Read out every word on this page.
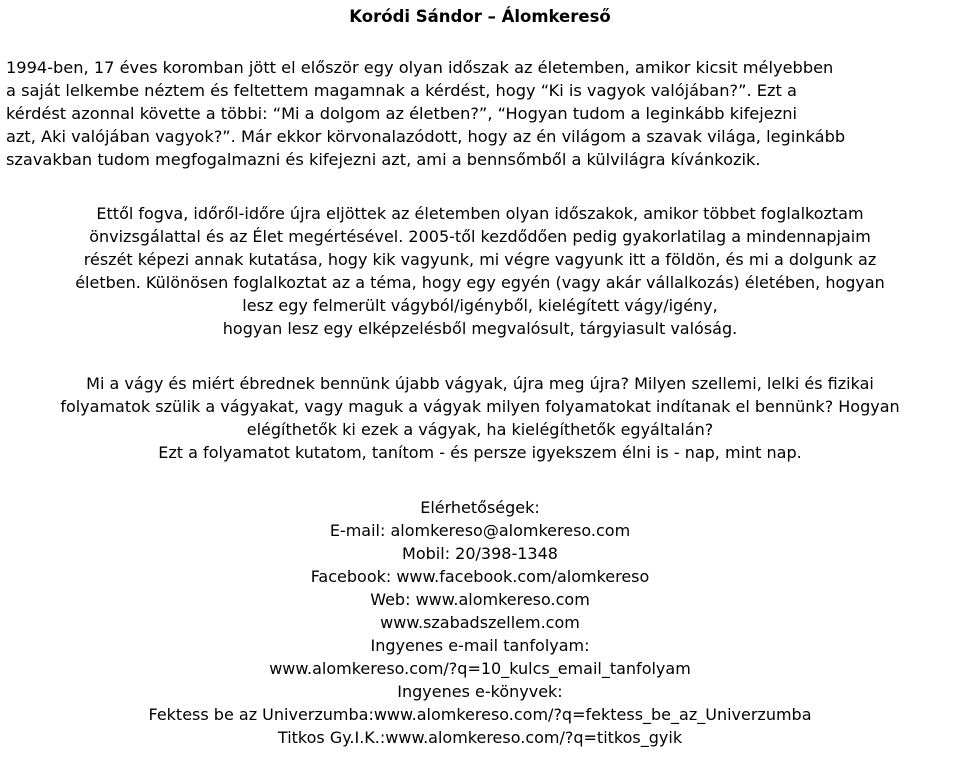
Koródi Sándor – Álomkereső
1994-ben, 17 éves koromban jött el először egy olyan időszak az életemben, amikor kicsit mélyebben
a saját lelkembe néztem és feltettem magamnak a kérdést, hogy “Ki is vagyok valójában?”. Ezt a
kérdést azonnal követte a többi: “Mi a dolgom az életben?”, “Hogyan tudom a leginkább kifejezni
azt, Aki valójában vagyok?”. Már ekkor körvonalazódott, hogy az én világom a szavak világa, leginkább
szavakban tudom megfogalmazni és kifejezni azt, ami a bennsőmből a külvilágra kívánkozik.
Ettől fogva, időről-időre újra eljöttek az életemben olyan időszakok, amikor többet foglalkoztam
önvizsgálattal és az Élet megértésével. 2005-től kezdődően pedig gyakorlatilag a mindennapjaim
részét képezi annak kutatása, hogy kik vagyunk, mi végre vagyunk itt a földön, és mi a dolgunk az
életben. Különösen foglalkoztat az a téma, hogy egy egyén (vagy akár vállalkozás) életében, hogyan
lesz egy felmerült vágyból/igényből, kielégített vágy/igény,
hogyan lesz egy elképzelésből megvalósult, tárgyiasult valóság.
Mi a vágy és miért ébrednek bennünk újabb vágyak, újra meg újra? Milyen szellemi, lelki és fizikai
folyamatok szülik a vágyakat, vagy maguk a vágyak milyen folyamatokat indítanak el bennünk? Hogyan
elégíthetők ki ezek a vágyak, ha kielégíthetők egyáltalán?
Ezt a folyamatot kutatom, tanítom - és persze igyekszem élni is - nap, mint nap.
Elérhetőségek:
E-mail: alomkereso@alomkereso.com
Mobil: 20/398-1348
Facebook: www.facebook.com/alomkereso
Web: www.alomkereso.com
www.szabadszellem.com
Ingyenes e-mail tanfolyam:
www.alomkereso.com/?q=10_kulcs_email_tanfolyam
Ingyenes e-könyvek:
Fektess be az Univerzumba:www.alomkereso.com/?q=fektess_be_az_Univerzumba
Titkos Gy.I.K.:www.alomkereso.com/?q=titkos_gyik
